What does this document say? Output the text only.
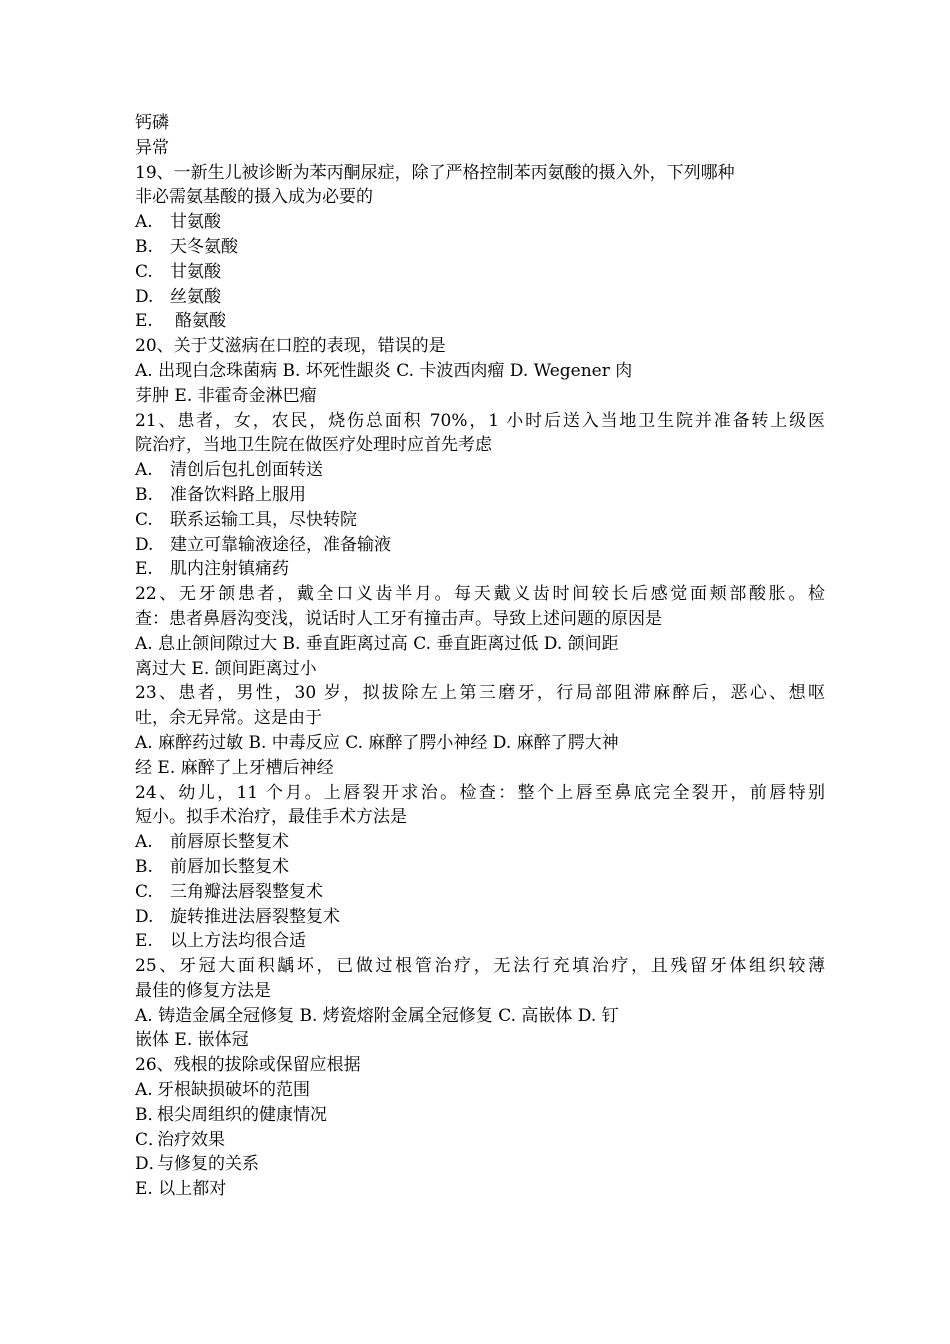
钙磷
异常
19、一新生儿被诊断为苯丙酮尿症，除了严格控制苯丙氨酸的摄入外，下列哪种
非必需氨基酸的摄入成为必要的
A.	甘氨酸
B.	天冬氨酸
C.	甘氨酸
D. 丝氨酸
E.	酪氨酸
20、关于艾滋病在口腔的表现，错误的是
A. 出现白念珠菌病 B. 坏死性龈炎 C. 卡波西肉瘤 D. Wegener 肉
芽肿 E. 非霍奇金淋巴瘤
21、患者，女，农民，烧伤总面积 70%，1 小时后送入当地卫生院并准备转上级医
院治疗，当地卫生院在做医疗处理时应首先考虑
A.	清创后包扎创面转送
B.	准备饮料路上服用
C.	联系运输工具，尽快转院
D. 建立可靠输液途径，准备输液
E.	肌内注射镇痛药
22、无牙颌患者，戴全口义齿半月。每天戴义齿时间较长后感觉面颊部酸胀。检
查：患者鼻唇沟变浅，说话时人工牙有撞击声。导致上述问题的原因是
A. 息止颌间隙过大 B. 垂直距离过高 C. 垂直距离过低 D. 颌间距
离过大 E. 颌间距离过小
23、患者，男性，30 岁，拟拔除左上第三磨牙，行局部阻滞麻醉后，恶心、想呕
吐，余无异常。这是由于
A. 麻醉药过敏 B. 中毒反应 C. 麻醉了腭小神经 D. 麻醉了腭大神
经 E. 麻醉了上牙槽后神经
24、幼儿，11 个月。上唇裂开求治。检查：整个上唇至鼻底完全裂开，前唇特别
短小。拟手术治疗，最佳手术方法是
A.	前唇原长整复术
B.	前唇加长整复术
C.	三角瓣法唇裂整复术
D. 旋转推进法唇裂整复术
E.	以上方法均很合适
25、牙冠大面积龋坏，已做过根管治疗，无法行充填治疗，且残留牙体组织较薄
最佳的修复方法是
A. 铸造金属全冠修复 B. 烤瓷熔附金属全冠修复 C. 高嵌体 D. 钉
嵌体 E. 嵌体冠
26、残根的拔除或保留应根据
A. 牙根缺损破坏的范围
B．
根尖周组织的健康情况
C．
治疗效果
D．
与修复的关系
E. 以上都对
